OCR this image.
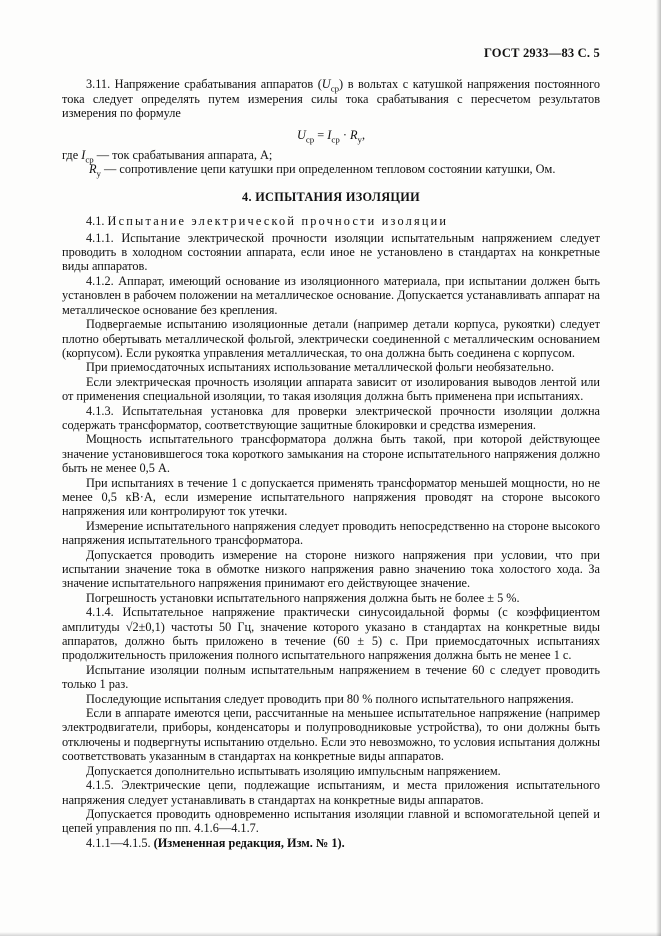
ГОСТ 2933—83 С. 5
3.11. Напряжение срабатывания аппаратов $(U_{ср})$ в вольтах с катушкой напряжения постоянного тока следует определять путем измерения силы тока срабатывания с пересчетом результатов измерения по формуле
$U_{ср} = I_{ср} \cdot R_у$,
где $I_{ср}$ — ток срабатывания аппарата, А;
$R_у$ — сопротивление цепи катушки при определенном тепловом состоянии катушки, Ом.
4. ИСПЫТАНИЯ ИЗОЛЯЦИИ
4.1. Испытание электрической прочности изоляции
4.1.1. Испытание электрической прочности изоляции испытательным напряжением следует проводить в холодном состоянии аппарата, если иное не установлено в стандартах на конкретные виды аппаратов.
4.1.2. Аппарат, имеющий основание из изоляционного материала, при испытании должен быть установлен в рабочем положении на металлическое основание. Допускается устанавливать аппарат на металлическое основание без крепления.
Подвергаемые испытанию изоляционные детали (например детали корпуса, рукоятки) следует плотно обертывать металлической фольгой, электрически соединенной с металлическим основанием (корпусом). Если рукоятка управления металлическая, то она должна быть соединена с корпусом.
При приемосдаточных испытаниях использование металлической фольги необязательно.
Если электрическая прочность изоляции аппарата зависит от изолирования выводов лентой или от применения специальной изоляции, то такая изоляция должна быть применена при испытаниях.
4.1.3. Испытательная установка для проверки электрической прочности изоляции должна содержать трансформатор, соответствующие защитные блокировки и средства измерения.
Мощность испытательного трансформатора должна быть такой, при которой действующее значение установившегося тока короткого замыкания на стороне испытательного напряжения должно быть не менее 0,5 А.
При испытаниях в течение 1 с допускается применять трансформатор меньшей мощности, но не менее 0,5 кВ·А, если измерение испытательного напряжения проводят на стороне высокого напряжения или контролируют ток утечки.
Измерение испытательного напряжения следует проводить непосредственно на стороне высокого напряжения испытательного трансформатора.
Допускается проводить измерение на стороне низкого напряжения при условии, что при испытании значение тока в обмотке низкого напряжения равно значению тока холостого хода. За значение испытательного напряжения принимают его действующее значение.
Погрешность установки испытательного напряжения должна быть не более ± 5 %.
4.1.4. Испытательное напряжение практически синусоидальной формы (с коэффициентом амплитуды √2±0,1) частоты 50 Гц, значение которого указано в стандартах на конкретные виды аппаратов, должно быть приложено в течение (60 ± 5) с. При приемосдаточных испытаниях продолжительность приложения полного испытательного напряжения должна быть не менее 1 с.
Испытание изоляции полным испытательным напряжением в течение 60 с следует проводить только 1 раз.
Последующие испытания следует проводить при 80 % полного испытательного напряжения.
Если в аппарате имеются цепи, рассчитанные на меньшее испытательное напряжение (например электродвигатели, приборы, конденсаторы и полупроводниковые устройства), то они должны быть отключены и подвергнуты испытанию отдельно. Если это невозможно, то условия испытания должны соответствовать указанным в стандартах на конкретные виды аппаратов.
Допускается дополнительно испытывать изоляцию импульсным напряжением.
4.1.5. Электрические цепи, подлежащие испытаниям, и места приложения испытательного напряжения следует устанавливать в стандартах на конкретные виды аппаратов.
Допускается проводить одновременно испытания изоляции главной и вспомогательной цепей и цепей управления по пп. 4.1.6—4.1.7.
4.1.1—4.1.5. (Измененная редакция, Изм. № 1).
